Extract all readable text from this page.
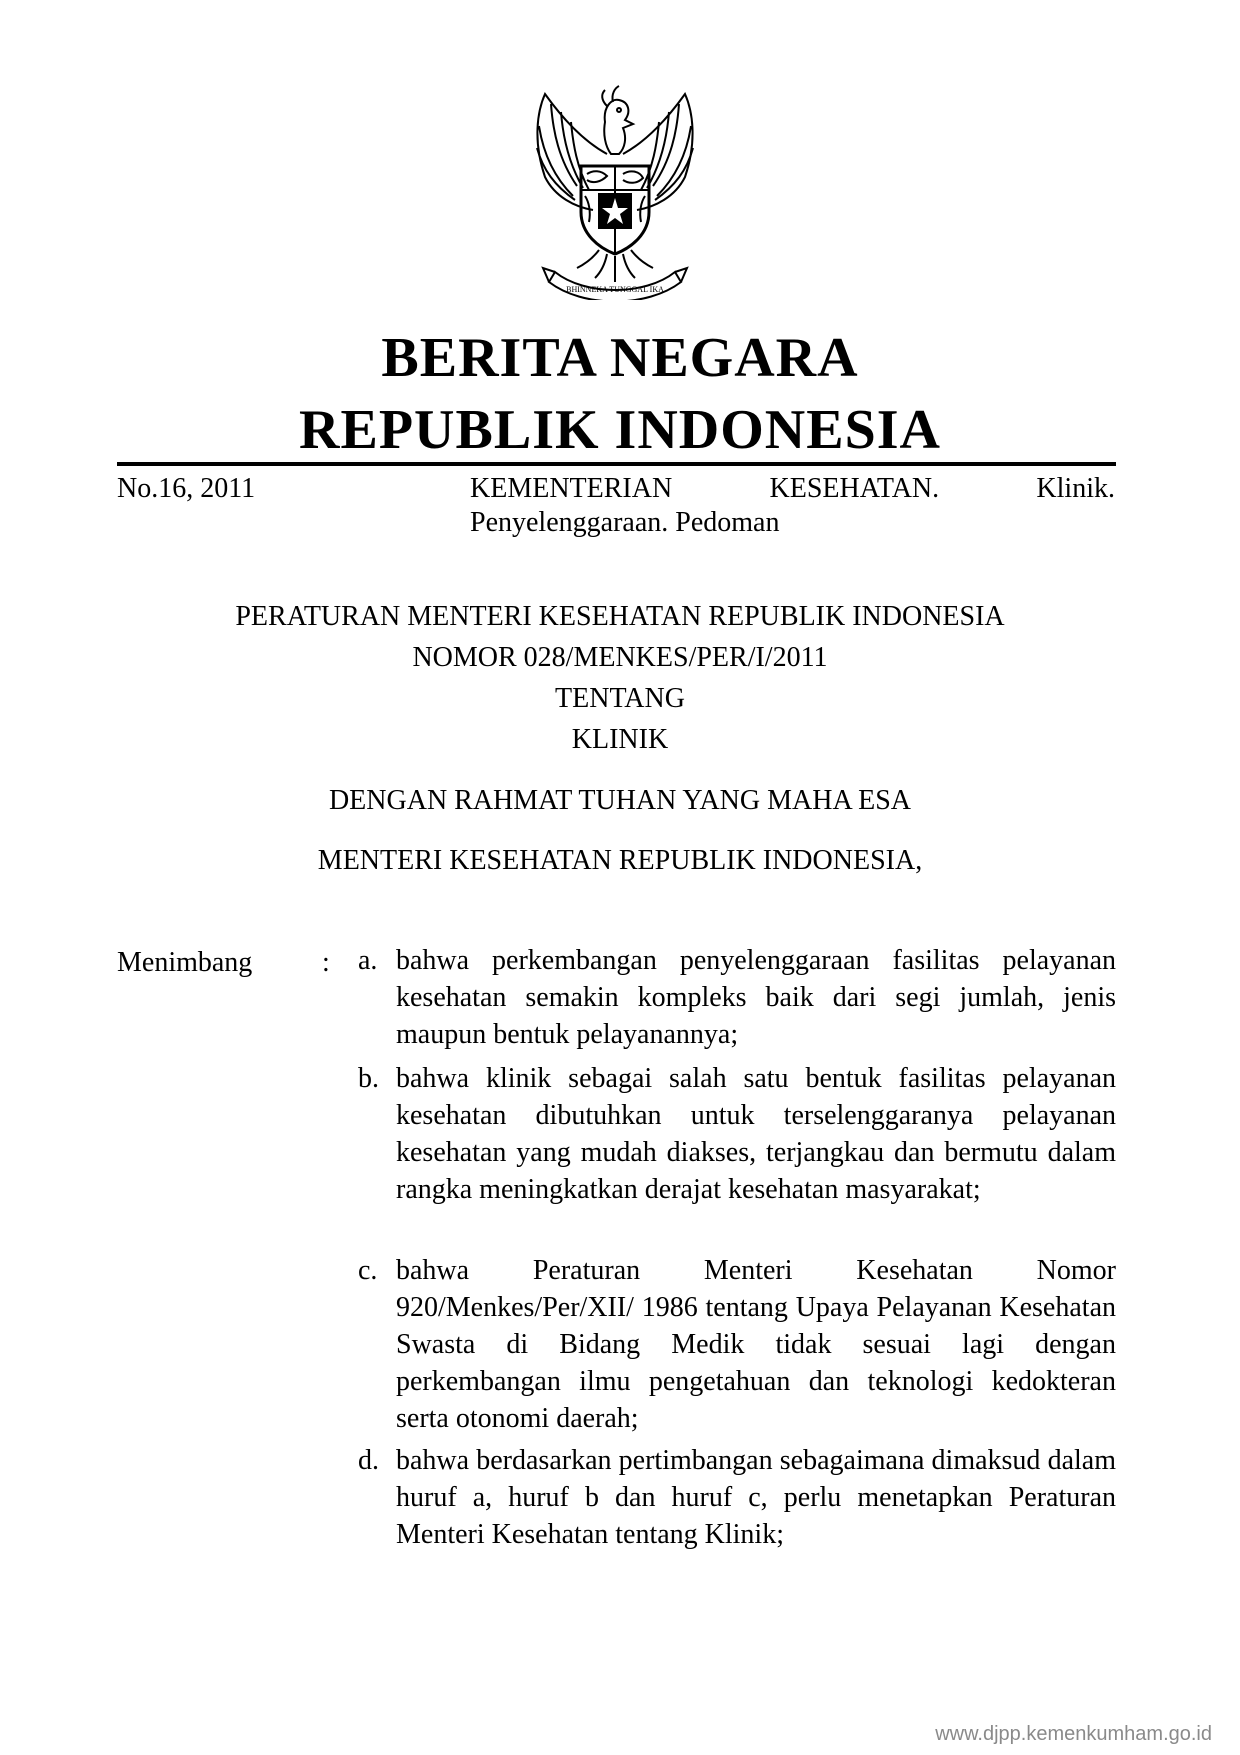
BHINNEKA TUNGGAL IKA
BERITA NEGARA
REPUBLIK INDONESIA
No.16, 2011	KEMENTERIAN KESEHATAN. Klinik. Penyelenggaraan. Pedoman
PERATURAN MENTERI KESEHATAN REPUBLIK INDONESIA
NOMOR 028/MENKES/PER/I/2011
TENTANG
KLINIK
DENGAN RAHMAT TUHAN YANG MAHA ESA
MENTERI KESEHATAN REPUBLIK INDONESIA,
Menimbang : a. bahwa perkembangan penyelenggaraan fasilitas pelayanan kesehatan semakin kompleks baik dari segi jumlah, jenis maupun bentuk pelayanannya;
b. bahwa klinik sebagai salah satu bentuk fasilitas pelayanan kesehatan dibutuhkan untuk terselenggaranya pelayanan kesehatan yang mudah diakses, terjangkau dan bermutu dalam rangka meningkatkan derajat kesehatan masyarakat;
c. bahwa Peraturan Menteri Kesehatan Nomor 920/Menkes/Per/XII/ 1986 tentang Upaya Pelayanan Kesehatan Swasta di Bidang Medik tidak sesuai lagi dengan perkembangan ilmu pengetahuan dan teknologi kedokteran serta otonomi daerah;
d. bahwa berdasarkan pertimbangan sebagaimana dimaksud dalam huruf a, huruf b dan huruf c, perlu menetapkan Peraturan Menteri Kesehatan tentang Klinik;
www.djpp.kemenkumham.go.id
